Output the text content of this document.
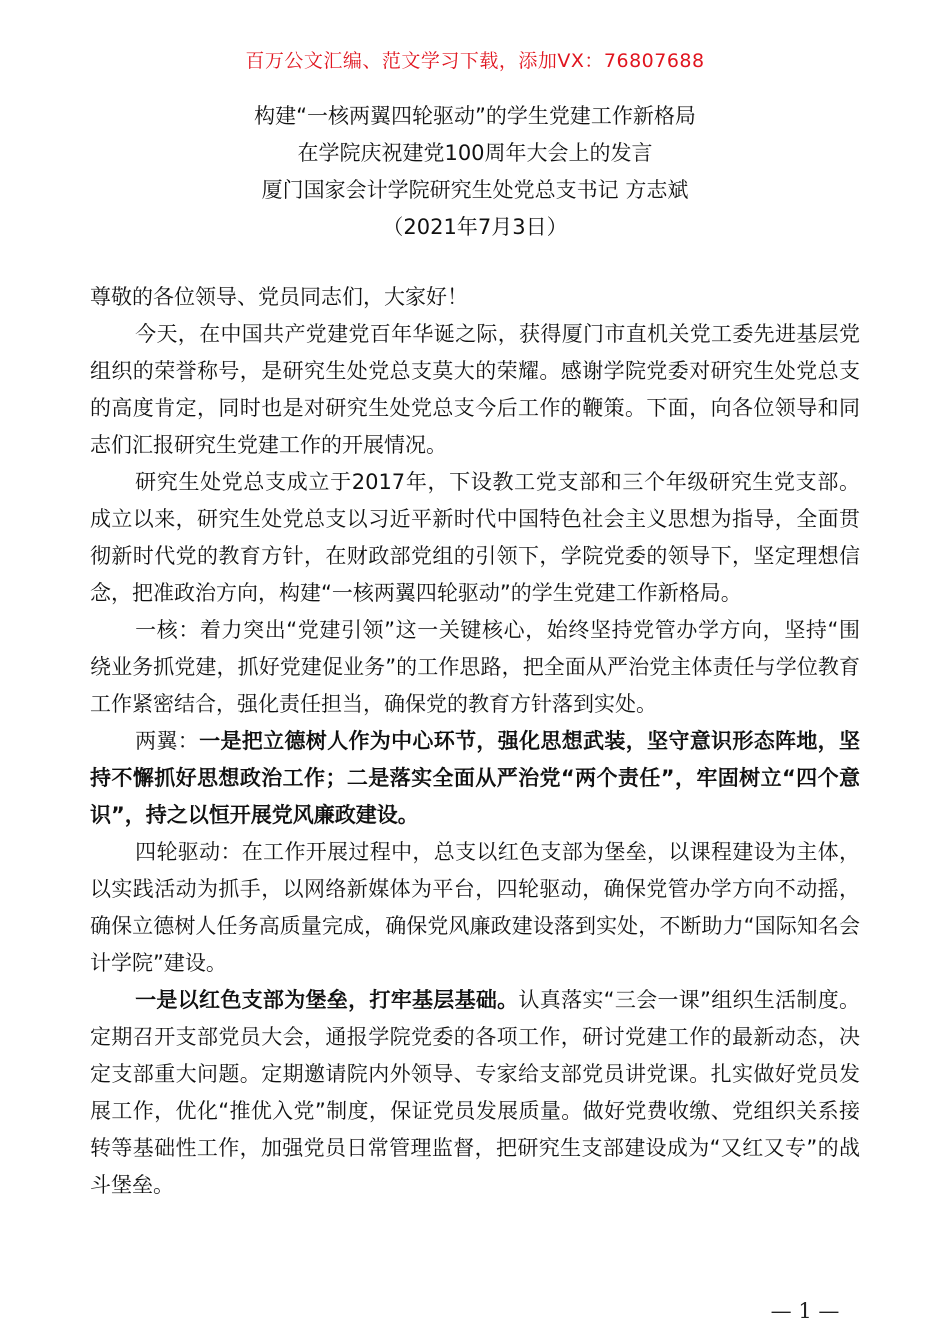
百万公文汇编、范文学习下载，添加VX：76807688
构建“一核两翼四轮驱动”的学生党建工作新格局
在学院庆祝建党100周年大会上的发言
厦门国家会计学院研究生处党总支书记 方志斌
（2021年7月3日）

尊敬的各位领导、党员同志们，大家好！

今天，在中国共产党建党百年华诞之际，获得厦门市直机关党工委先进基层党组织的荣誉称号，是研究生处党总支莫大的荣耀。感谢学院党委对研究生处党总支的高度肯定，同时也是对研究生处党总支今后工作的鞭策。下面，向各位领导和同志们汇报研究生党建工作的开展情况。

研究生处党总支成立于2017年，下设教工党支部和三个年级研究生党支部。成立以来，研究生处党总支以习近平新时代中国特色社会主义思想为指导，全面贯彻新时代党的教育方针，在财政部党组的引领下，学院党委的领导下，坚定理想信念，把准政治方向，构建“一核两翼四轮驱动”的学生党建工作新格局。

一核：着力突出“党建引领”这一关键核心，始终坚持党管办学方向，坚持“围绕业务抓党建，抓好党建促业务”的工作思路，把全面从严治党主体责任与学位教育工作紧密结合，强化责任担当，确保党的教育方针落到实处。

两翼：一是把立德树人作为中心环节，强化思想武装，坚守意识形态阵地，坚持不懈抓好思想政治工作；二是落实全面从严治党“两个责任”，牢固树立“四个意识”，持之以恒开展党风廉政建设。

四轮驱动：在工作开展过程中，总支以红色支部为堡垒，以课程建设为主体，以实践活动为抓手，以网络新媒体为平台，四轮驱动，确保党管办学方向不动摇，确保立德树人任务高质量完成，确保党风廉政建设落到实处，不断助力“国际知名会计学院”建设。

一是以红色支部为堡垒，打牢基层基础。认真落实“三会一课”组织生活制度。定期召开支部党员大会，通报学院党委的各项工作，研讨党建工作的最新动态，决定支部重大问题。定期邀请院内外领导、专家给支部党员讲党课。扎实做好党员发展工作，优化“推优入党”制度，保证党员发展质量。做好党费收缴、党组织关系接转等基础性工作，加强党员日常管理监督，把研究生支部建设成为“又红又专”的战斗堡垒。

— 1 —
